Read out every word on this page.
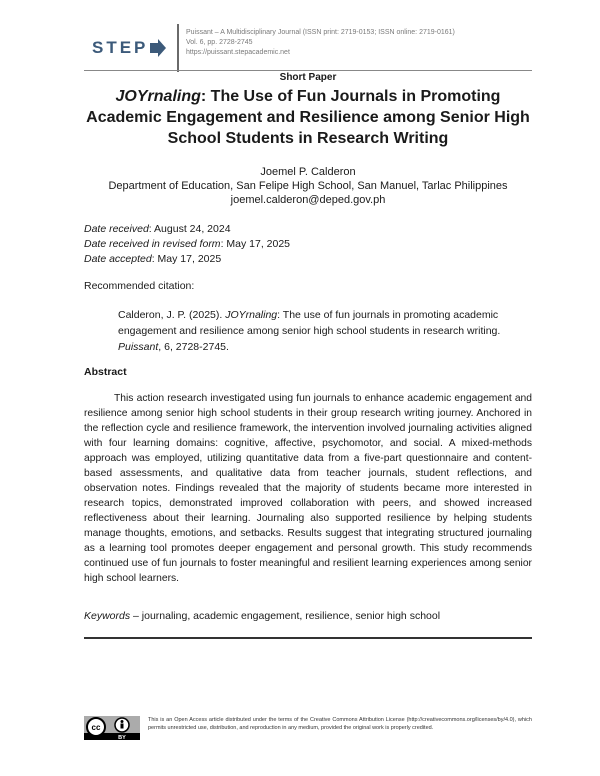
STEP
Puissant – A Multidisciplinary Journal (ISSN print: 2719-0153; ISSN online: 2719-0161)
Vol. 6, pp. 2728-2745
https://puissant.stepacademic.net
Short Paper
JOYrnaling: The Use of Fun Journals in Promoting Academic Engagement and Resilience among Senior High School Students in Research Writing
Joemel P. Calderon
Department of Education, San Felipe High School, San Manuel, Tarlac Philippines
joemel.calderon@deped.gov.ph
Date received: August 24, 2024
Date received in revised form: May 17, 2025
Date accepted: May 17, 2025
Recommended citation:
Calderon, J. P. (2025). JOYrnaling: The use of fun journals in promoting academic engagement and resilience among senior high school students in research writing. Puissant, 6, 2728-2745.
Abstract
This action research investigated using fun journals to enhance academic engagement and resilience among senior high school students in their group research writing journey. Anchored in the reflection cycle and resilience framework, the intervention involved journaling activities aligned with four learning domains: cognitive, affective, psychomotor, and social. A mixed-methods approach was employed, utilizing quantitative data from a five-part questionnaire and content-based assessments, and qualitative data from teacher journals, student reflections, and observation notes. Findings revealed that the majority of students became more interested in research topics, demonstrated improved collaboration with peers, and showed increased reflectiveness about their learning. Journaling also supported resilience by helping students manage thoughts, emotions, and setbacks. Results suggest that integrating structured journaling as a learning tool promotes deeper engagement and personal growth. This study recommends continued use of fun journals to foster meaningful and resilient learning experiences among senior high school learners.
Keywords – journaling, academic engagement, resilience, senior high school
cc
BY
This is an Open Access article distributed under the terms of the Creative Commons Attribution License (http://creativecommons.org/licenses/by/4.0), which permits unrestricted use, distribution, and reproduction in any medium, provided the original work is properly credited.
